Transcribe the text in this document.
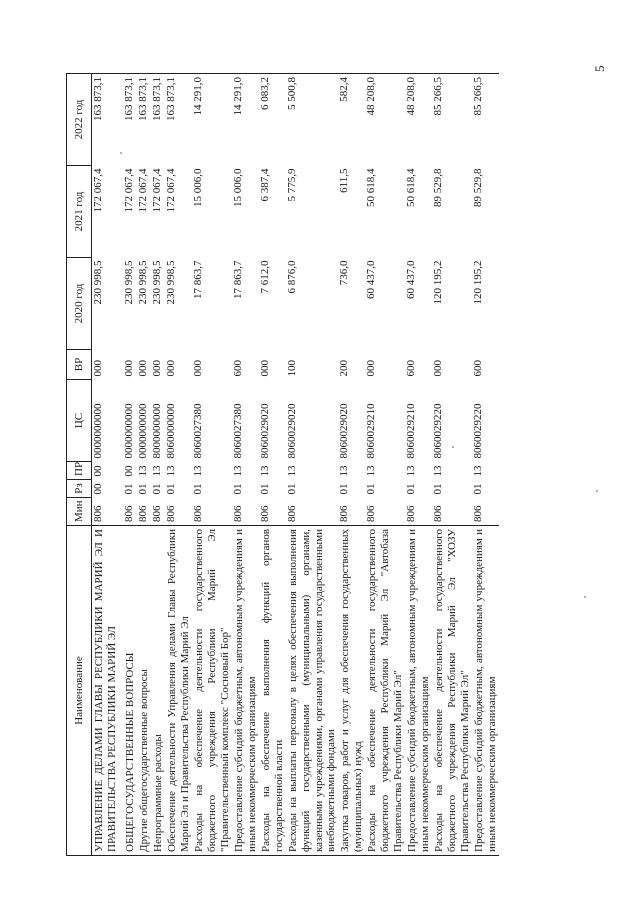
5
Наименование	Мин	Рз	ПР	ЦС	ВР	2020 год	2021 год	2022 год
УПРАВЛЕНИЕ ДЕЛАМИ ГЛАВЫ РЕСПУБЛИКИ МАРИЙ ЭЛ И ПРАВИТЕЛЬСТВА РЕСПУБЛИКИ МАРИЙ ЭЛ	806	00	00	0000000000	000	230 998,5	172 067,4	163 873,1

ОБЩЕГОСУДАРСТВЕННЫЕ ВОПРОСЫ	806	01	00	0000000000	000	230 998,5	172 067,4	163 873,1
Другие общегосударственные вопросы	806	01	13	0000000000	000	230 998,5	172 067,4	163 873,1
Непрограммные расходы	806	01	13	8000000000	000	230 998,5	172 067,4	163 873,1
Обеспечение деятельности Управления делами Главы Республики Марий Эл и Правительства Республики Марий Эл	806	01	13	8060000000	000	230 998,5	172 067,4	163 873,1
Расходы на обеспечение деятельности государственного бюджетного учреждения Республики Марий Эл "Правительственный комплекс "Сосновый Бор"	806	01	13	8060027380	000	17 863,7	15 006,0	14 291,0
Предоставление субсидий бюджетным, автономным учреждениям и иным некоммерческим организациям	806	01	13	8060027380	600	17 863,7	15 006,0	14 291,0
Расходы на обеспечение выполнения функций органов государственной власти	806	01	13	8060029020	000	7 612,0	6 387,4	6 083,2
Расходы на выплаты персоналу в целях обеспечения выполнения функций государственными (муниципальными) органами, казенными учреждениями, органами управления государственными внебюджетными фондами	806	01	13	8060029020	100	6 876,0	5 775,9	5 500,8
Закупка товаров, работ и услуг для обеспечения государственных (муниципальных) нужд	806	01	13	8060029020	200	736,0	611,5	582,4
Расходы на обеспечение деятельности государственного бюджетного учреждения Республики Марий Эл "Автобаза Правительства Республики Марий Эл"	806	01	13	8060029210	000	60 437,0	50 618,4	48 208,0
Предоставление субсидий бюджетным, автономным учреждениям и иным некоммерческим организациям	806	01	13	8060029210	600	60 437,0	50 618,4	48 208,0
Расходы на обеспечение деятельности государственного бюджетного учреждения Республики Марий Эл "ХОЗУ Правительства Республики Марий Эл"	806	01	13	8060029220	000	120 195,2	89 529,8	85 266,5
Предоставление субсидий бюджетным, автономным учреждениям и иным некоммерческим организациям	806	01	13	8060029220	600	120 195,2	89 529,8	85 266,5
